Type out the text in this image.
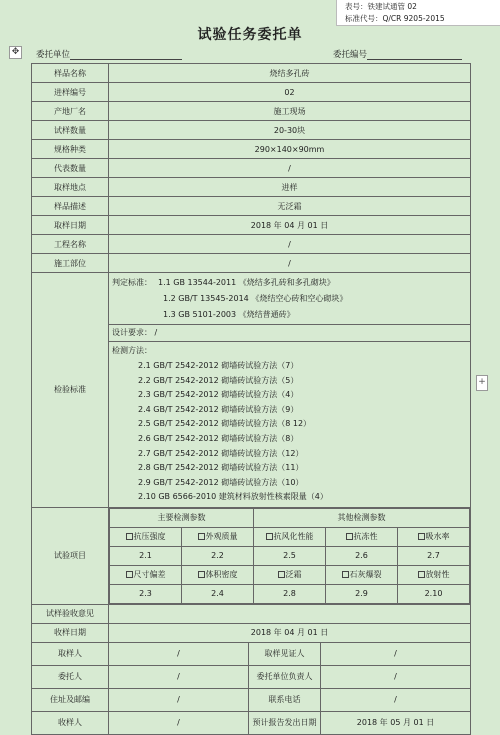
表号：铁建试通管 02
标准代号：Q/CR 9205-2015
试验任务委托单
✥	委托单位	委托编号
样品名称	烧结多孔砖
进样编号	02
产地厂名	施工现场
试样数量	20-30块
规格种类	290×140×90mm
代表数量	/
取样地点	进样
样品描述	无泛霜
取样日期	2018 年 04 月 01 日
工程名称	/
施工部位	/
检验标准	
判定标准： 1.1 GB 13544-2011 《烧结多孔砖和多孔砌块》
1.2 GB/T 13545-2014 《烧结空心砖和空心砌块》
1.3 GB 5101-2003 《烧结普通砖》
设计要求： /
检测方法：
2.1 GB/T 2542-2012 砌墙砖试验方法（7）
2.2 GB/T 2542-2012 砌墙砖试验方法（5）
2.3 GB/T 2542-2012 砌墙砖试验方法（4）
2.4 GB/T 2542-2012 砌墙砖试验方法（9）
2.5 GB/T 2542-2012 砌墙砖试验方法（8 12）
2.6 GB/T 2542-2012 砌墙砖试验方法（8）
2.7 GB/T 2542-2012 砌墙砖试验方法（12）
2.8 GB/T 2542-2012 砌墙砖试验方法（11）
2.9 GB/T 2542-2012 砌墙砖试验方法（10）
2.10 GB 6566-2010 建筑材料放射性核素限量（4）

试验项目	
主要检测参数	其他检测参数
抗压强度	外观质量	抗风化性能	抗冻性	吸水率
2.1	2.2	2.5	2.6	2.7
尺寸偏差	体积密度	泛霜	石灰爆裂	放射性
2.3	2.4	2.8	2.9	2.10

试样验收意见	
收样日期	2018 年 04 月 01 日
取样人	/	取样见证人	/
委托人	/	委托单位负责人	/
住址及邮编	/	联系电话	/
收样人	/	预计报告发出日期	2018 年 05 月 01 日
+
